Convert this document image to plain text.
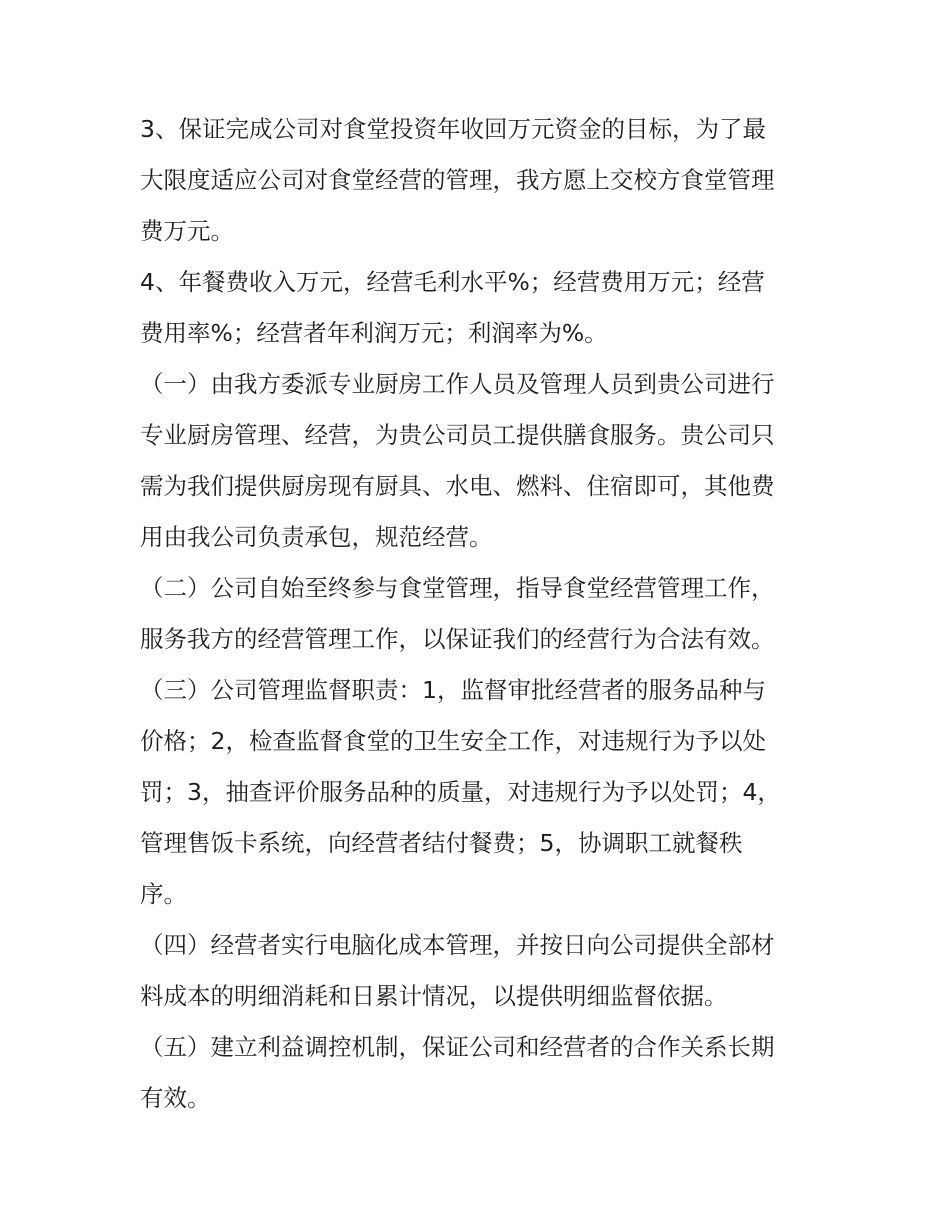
3、保证完成公司对食堂投资年收回万元资金的目标，为了最
大限度适应公司对食堂经营的管理，我方愿上交校方食堂管理
费万元。

4、年餐费收入万元，经营毛利水平%；经营费用万元；经营
费用率%；经营者年利润万元；利润率为%。

（一）由我方委派专业厨房工作人员及管理人员到贵公司进行
专业厨房管理、经营，为贵公司员工提供膳食服务。贵公司只
需为我们提供厨房现有厨具、水电、燃料、住宿即可，其他费
用由我公司负责承包，规范经营。

（二）公司自始至终参与食堂管理，指导食堂经营管理工作，
服务我方的经营管理工作，以保证我们的经营行为合法有效。

（三）公司管理监督职责：1，监督审批经营者的服务品种与
价格；2，检查监督食堂的卫生安全工作，对违规行为予以处
罚；3，抽查评价服务品种的质量，对违规行为予以处罚；4，
管理售饭卡系统，向经营者结付餐费；5，协调职工就餐秩
序。

（四）经营者实行电脑化成本管理，并按日向公司提供全部材
料成本的明细消耗和日累计情况，以提供明细监督依据。

（五）建立利益调控机制，保证公司和经营者的合作关系长期
有效。
